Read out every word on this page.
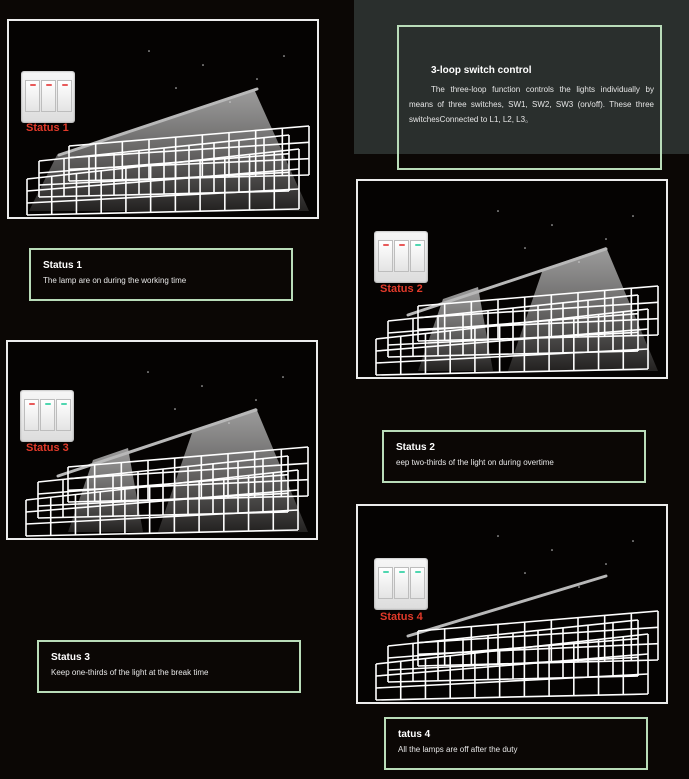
3-loop switch control
The three-loop function controls the lights individually by means of three switches, SW1, SW2, SW3 (on/off). These three switchesConnected to L1, L2, L3。
Status 1
Status 2
Status 3
Status 4
Status 1
The lamp are on during the working time
Status 2
eep two-thirds of the light on during overtime
Status 3
Keep one-thirds of the light at the break time
tatus 4
All the lamps are off after the duty
